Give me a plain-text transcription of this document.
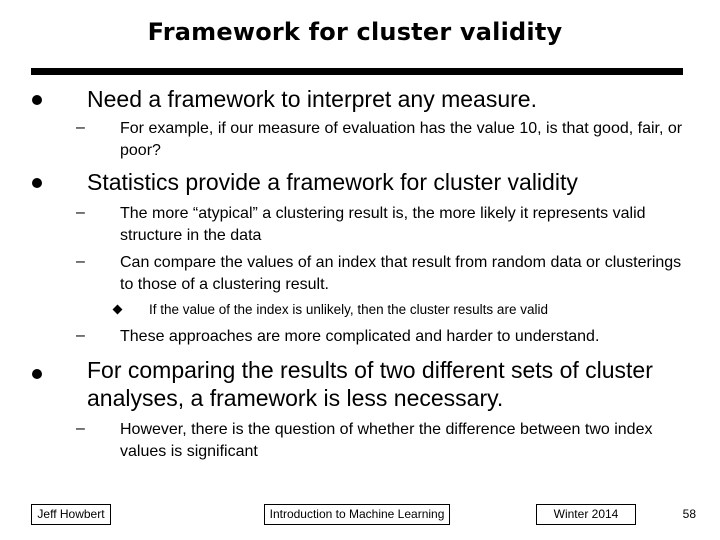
Framework for cluster validity
Need a framework to interpret any measure.
– For example, if our measure of evaluation has the value 10, is that good, fair, or poor?
Statistics provide a framework for cluster validity
– The more “atypical” a clustering result is, the more likely it represents valid structure in the data
– Can compare the values of an index that result from random data or clusterings to those of a clustering result.
If the value of the index is unlikely, then the cluster results are valid
– These approaches are more complicated and harder to understand.
For comparing the results of two different sets of cluster analyses, a framework is less necessary.
– However, there is the question of whether the difference between two index values is significant
Jeff Howbert	Introduction to Machine Learning	Winter 2014	58
